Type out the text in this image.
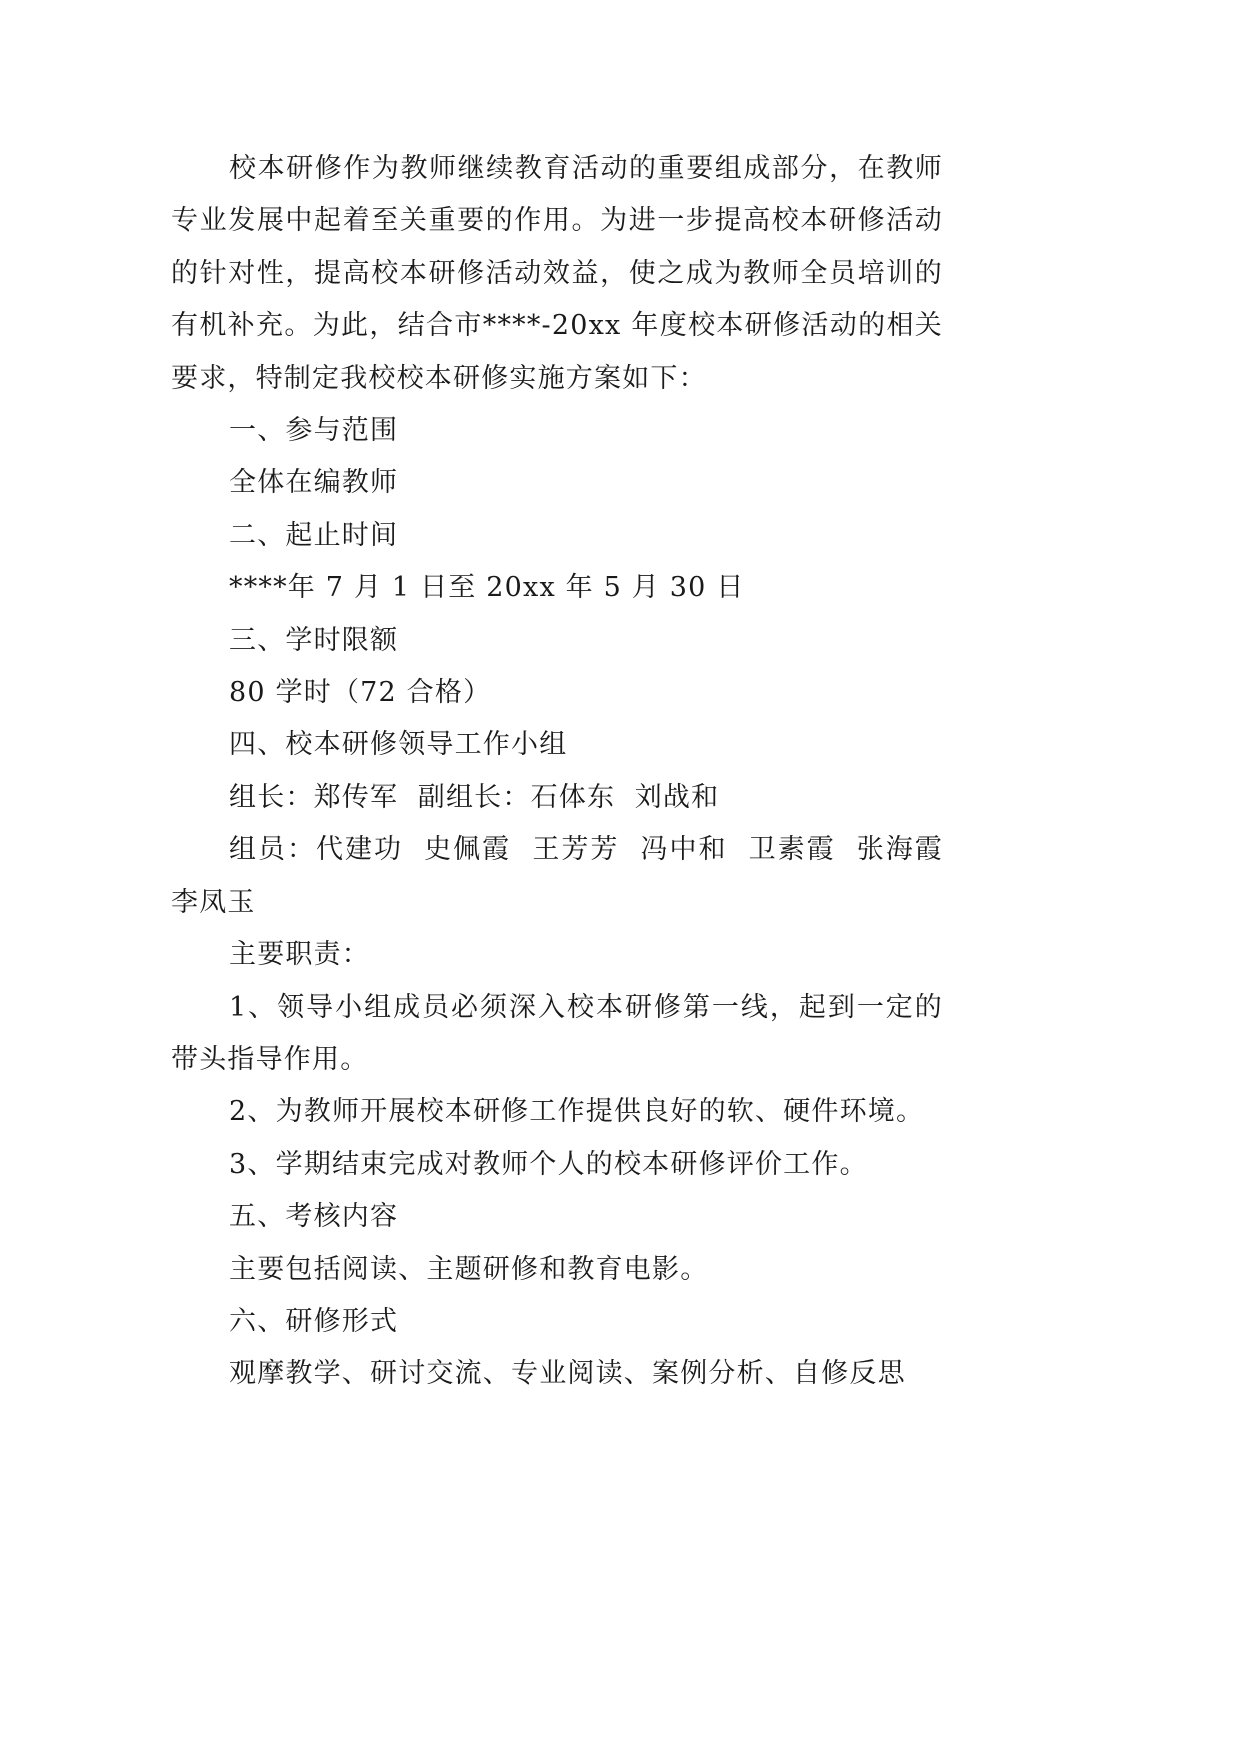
校本研修作为教师继续教育活动的重要组成部分，在教师专业发展中起着至关重要的作用。为进一步提高校本研修活动的针对性，提高校本研修活动效益，使之成为教师全员培训的有机补充。为此，结合市****-20xx 年度校本研修活动的相关要求，特制定我校校本研修实施方案如下：

一、参与范围

全体在编教师

二、起止时间

****年 7 月 1 日至 20xx 年 5 月 30 日

三、学时限额

80 学时（72 合格）

四、校本研修领导工作小组

组长：郑传军  副组长：石体东  刘战和

组员：代建功  史佩霞  王芳芳  冯中和  卫素霞  张海霞  李凤玉

主要职责：

1、领导小组成员必须深入校本研修第一线，起到一定的带头指导作用。

2、为教师开展校本研修工作提供良好的软、硬件环境。

3、学期结束完成对教师个人的校本研修评价工作。

五、考核内容

主要包括阅读、主题研修和教育电影。

六、研修形式

观摩教学、研讨交流、专业阅读、案例分析、自修反思
